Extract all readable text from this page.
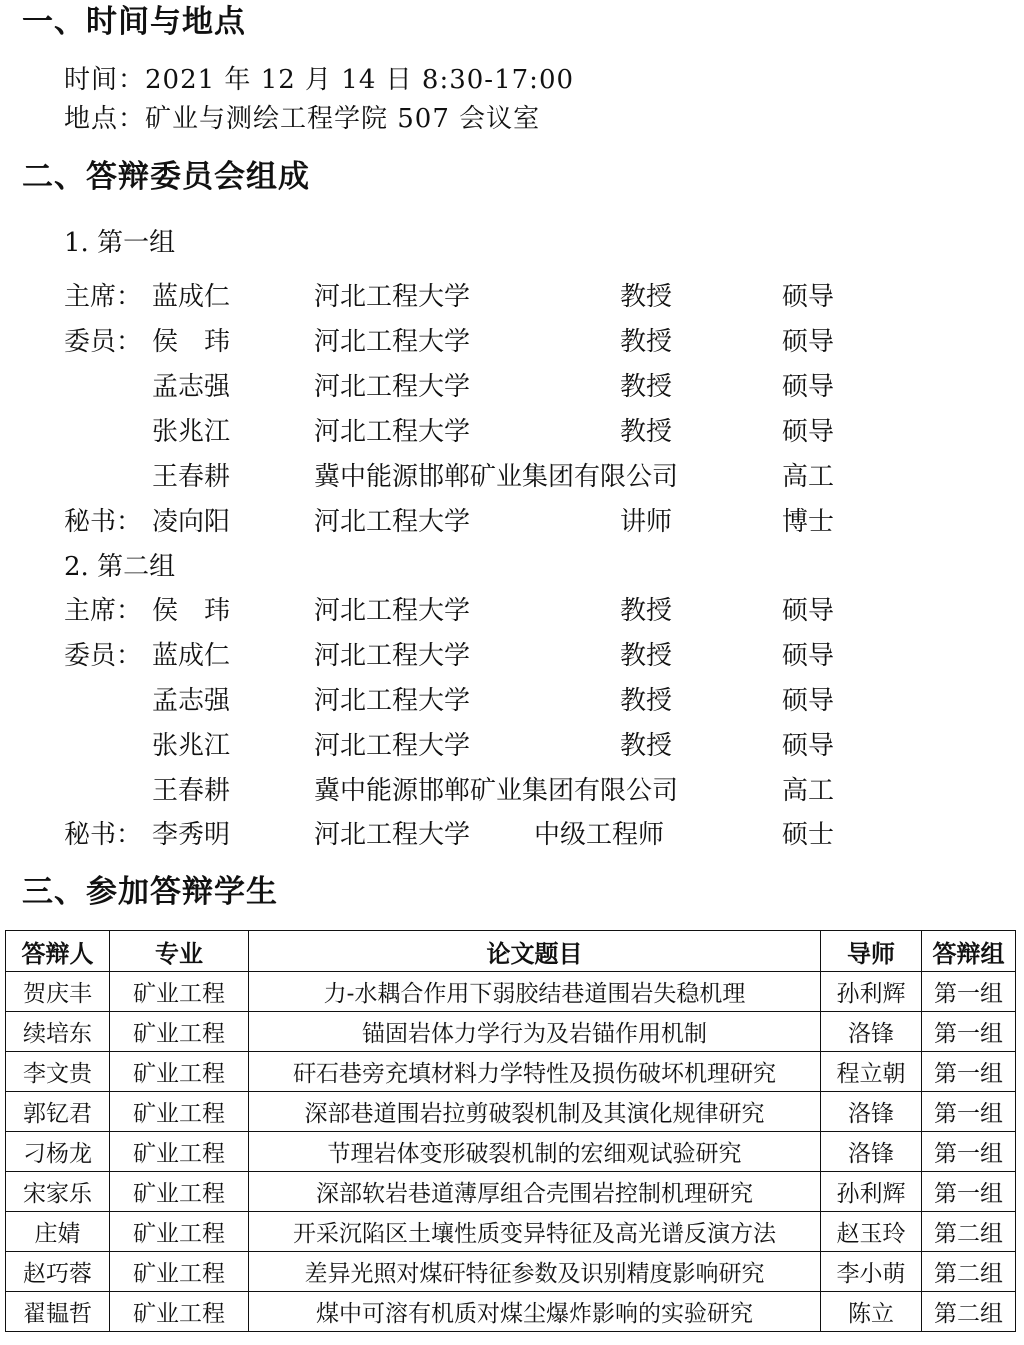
一、时间与地点
时间：2021 年 12 月 14 日 8:30-17:00
地点：矿业与测绘工程学院 507 会议室
二、答辩委员会组成
1. 第一组
主席： 蓝成仁	河北工程大学	教授	硕导
委员： 侯　玮	河北工程大学	教授	硕导
孟志强	河北工程大学	教授	硕导
张兆江	河北工程大学	教授	硕导
王春耕	冀中能源邯郸矿业集团有限公司	高工
秘书： 凌向阳	河北工程大学	讲师	博士
2. 第二组
主席： 侯　玮	河北工程大学	教授	硕导
委员： 蓝成仁	河北工程大学	教授	硕导
孟志强	河北工程大学	教授	硕导
张兆江	河北工程大学	教授	硕导
王春耕	冀中能源邯郸矿业集团有限公司	高工
秘书： 李秀明	河北工程大学 中级工程师	硕士
三、参加答辩学生
答辩人	专业	论文题目	导师	答辩组
贺庆丰	矿业工程	力-水耦合作用下弱胶结巷道围岩失稳机理	孙利辉	第一组
续培东	矿业工程	锚固岩体力学行为及岩锚作用机制	洛锋	第一组
李文贵	矿业工程	矸石巷旁充填材料力学特性及损伤破坏机理研究	程立朝	第一组
郭钇君	矿业工程	深部巷道围岩拉剪破裂机制及其演化规律研究	洛锋	第一组
刁杨龙	矿业工程	节理岩体变形破裂机制的宏细观试验研究	洛锋	第一组
宋家乐	矿业工程	深部软岩巷道薄厚组合壳围岩控制机理研究	孙利辉	第一组
庄婧	矿业工程	开采沉陷区土壤性质变异特征及高光谱反演方法	赵玉玲	第二组
赵巧蓉	矿业工程	差异光照对煤矸特征参数及识别精度影响研究	李小萌	第二组
翟韫哲	矿业工程	煤中可溶有机质对煤尘爆炸影响的实验研究	陈立	第二组
